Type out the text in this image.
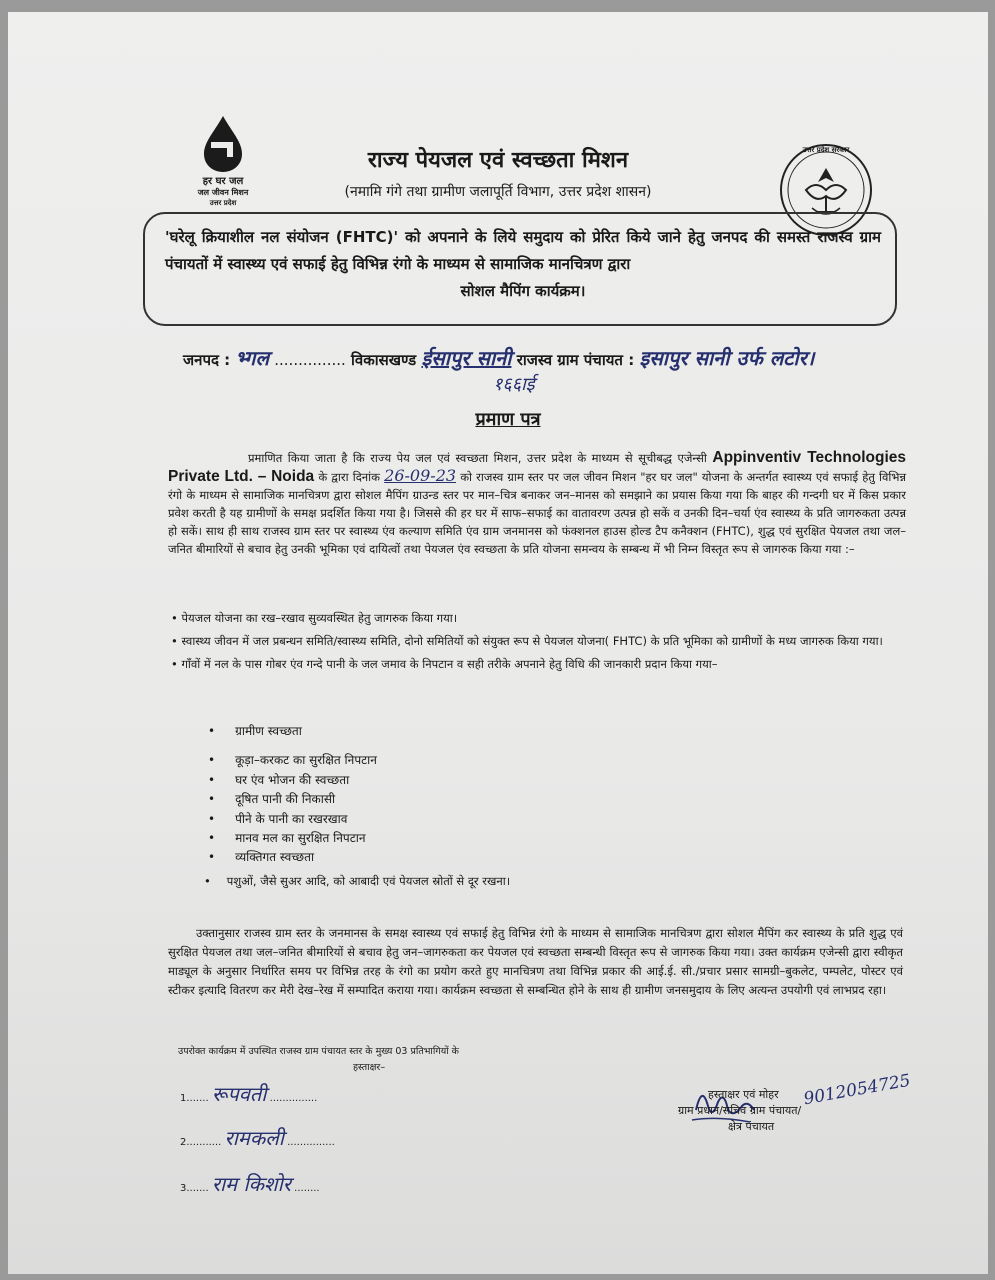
हर घर जल
जल जीवन मिशन
उत्तर प्रदेश
राज्य पेयजल एवं स्वच्छता मिशन
(नमामि गंगे तथा ग्रामीण जलापूर्ति विभाग, उत्तर प्रदेश शासन)
उत्तर प्रदेश सरकार

'घरेलू क्रियाशील नल संयोजन (FHTC)' को अपनाने के लिये समुदाय को प्रेरित किये जाने हेतु जनपद की समस्त राजस्व ग्राम पंचायतों में स्वास्थ्य एवं सफाई हेतु विभिन्न रंगो के माध्यम से सामाजिक मानचित्रण द्वारा

सोशल मैपिंग कार्यक्रम।

जनपद : भ्गल ............... विकासखण्ड ईसापुर सानी राजस्व ग्राम पंचायत : इसापुर सानी उर्फ लटोर।
१६६ाई
प्रमाण पत्र
प्रमाणित किया जाता है कि राज्य पेय जल एवं स्वच्छता मिशन, उत्तर प्रदेश के माध्यम से सूचीबद्ध एजेन्सी Appinventiv Technologies Private Ltd. – Noida के द्वारा दिनांक 26-09-23 को राजस्व ग्राम स्तर पर जल जीवन मिशन "हर घर जल" योजना के अन्तर्गत स्वास्थ्य एवं सफाई हेतु विभिन्न रंगो के माध्यम से सामाजिक मानचित्रण द्वारा सोशल मैपिंग ग्राउन्ड स्तर पर मान–चित्र बनाकर जन–मानस को समझाने का प्रयास किया गया कि बाहर की गन्दगी घर में किस प्रकार प्रवेश करती है यह ग्रामीणों के समक्ष प्रदर्शित किया गया है। जिससे की हर घर में साफ–सफाई का वातावरण उत्पन्न हो सकें व उनकी दिन–चर्या एंव स्वास्थ्य के प्रति जागरुकता उत्पन्न हो सकें। साथ ही साथ राजस्व ग्राम स्तर पर स्वास्थ्य एंव कल्याण समिति एंव ग्राम जनमानस को फंक्शनल हाउस होल्ड टैप कनैक्शन (FHTC), शुद्ध एवं सुरक्षित पेयजल तथा जल–जनित बीमारियों से बचाव हेतु उनकी भूमिका एवं दायित्वों तथा पेयजल एंव स्वच्छता के प्रति योजना समन्वय के सम्बन्ध में भी निम्न विस्तृत रूप से जागरुक किया गया :–
• पेयजल योजना का रख–रखाव सुव्यवस्थित हेतु जागरुक किया गया।
• स्वास्थ्य जीवन में जल प्रबन्धन समिति/स्वास्थ्य समिति, दोनो समितियों को संयुक्त रूप से पेयजल योजना( FHTC) के प्रति भूमिका को ग्रामीणों के मध्य जागरुक किया गया।
• गाँवों में नल के पास गोबर एंव गन्दे पानी के जल जमाव के निपटान व सही तरीके अपनाने हेतु विधि की जानकारी प्रदान किया गया–
• ग्रामीण स्वच्छता
• कूड़ा–करकट का सुरक्षित निपटान
• घर एंव भोजन की स्वच्छता
• दूषित पानी की निकासी
• पीने के पानी का रखरखाव
• मानव मल का सुरक्षित निपटान
• व्यक्तिगत स्वच्छता
• पशुओं, जैसे सुअर आदि, को आबादी एवं पेयजल स्रोतों से दूर रखना।
उक्तानुसार राजस्व ग्राम स्तर के जनमानस के समक्ष स्वास्थ्य एवं सफाई हेतु विभिन्न रंगो के माध्यम से सामाजिक मानचित्रण द्वारा सोशल मैपिंग कर स्वास्थ्य के प्रति शुद्ध एवं सुरक्षित पेयजल तथा जल–जनित बीमारियों से बचाव हेतु जन–जागरुकता कर पेयजल एवं स्वच्छता सम्बन्धी विस्तृत रूप से जागरुक किया गया। उक्त कार्यक्रम एजेन्सी द्वारा स्वीकृत माड्यूल के अनुसार निर्धारित समय पर विभिन्न तरह के रंगो का प्रयोग करते हुए मानचित्रण तथा विभिन्न प्रकार की आई.ई. सी./प्रचार प्रसार सामग्री–बुकलेट, पम्पलेट, पोस्टर एवं स्टीकर इत्यादि वितरण कर मेरी देख–रेख में सम्पादित कराया गया। कार्यक्रम स्वच्छता से सम्बन्धित होने के साथ ही ग्रामीण जनसमुदाय के लिए अत्यन्त उपयोगी एवं लाभप्रद रहा।
उपरोक्त कार्यक्रम में उपस्थित राजस्व ग्राम पंचायत स्तर के मुख्य 03 प्रतिभागियों के
हस्ताक्षर–
1....... रूपवती ...............
2........... रामकली ...............
3....... राम किशोर ........
9012054725
हस्ताक्षर एवं मोहर
ग्राम प्रधान/सचिव ग्राम पंचायत/
क्षेत्र पंचायत
